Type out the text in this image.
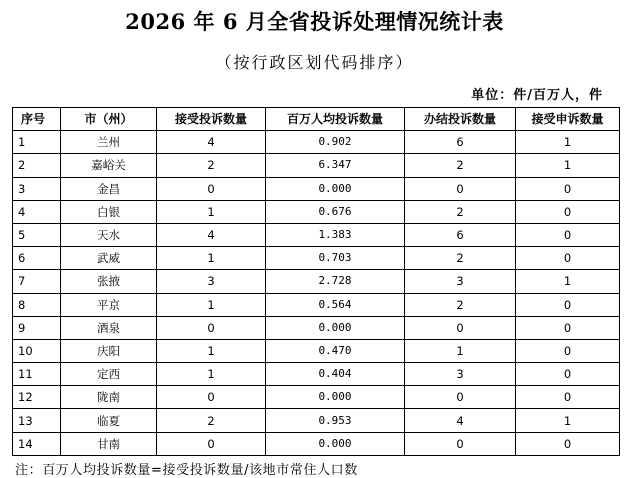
2026 年 6 月全省投诉处理情况统计表
（按行政区划代码排序）
单位：件/百万人，件
序号	市（州）	接受投诉数量	百万人均投诉数量	办结投诉数量	接受申诉数量
1	兰州	4	0.902	6	1
2	嘉峪关	2	6.347	2	1
3	金昌	0	0.000	0	0
4	白银	1	0.676	2	0
5	天水	4	1.383	6	0
6	武威	1	0.703	2	0
7	张掖	3	2.728	3	1
8	平京	1	0.564	2	0
9	酒泉	0	0.000	0	0
10	庆阳	1	0.470	1	0
11	定西	1	0.404	3	0
12	陇南	0	0.000	0	0
13	临夏	2	0.953	4	1
14	甘南	0	0.000	0	0
注：百万人均投诉数量=接受投诉数量/该地市常住人口数
